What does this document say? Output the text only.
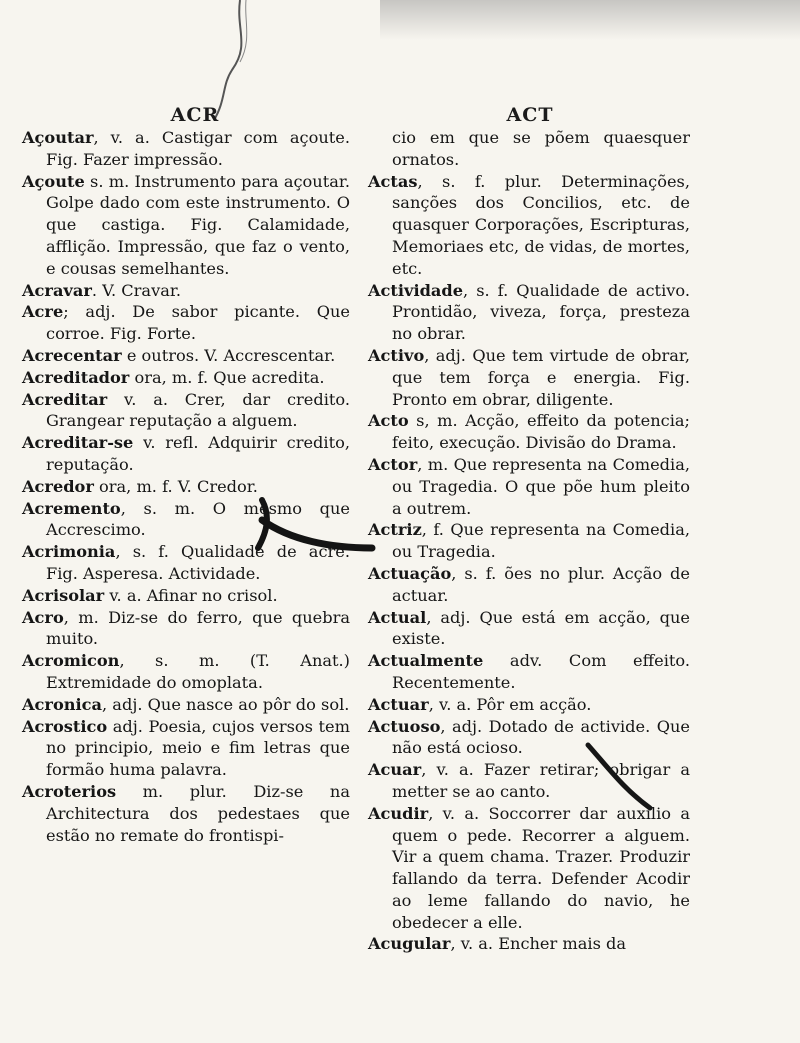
ACR	ACT

Açoutar, v. a. Castigar com açoute. Fig. Fazer impressão.

Açoute s. m. Instrumento para açoutar. Golpe dado com este instrumento. O que castiga. Fig. Calamidade, afflição. Impressão, que faz o vento, e cousas semelhantes.

Acravar. V. Cravar.

Acre; adj. De sabor picante. Que corroe. Fig. Forte.

Acrecentar e outros. V. Accrescentar.

Acreditador ora, m. f. Que acredita.

Acreditar v. a. Crer, dar credito. Grangear reputação a alguem.

Acreditar-se v. refl. Adquirir credito, reputação.

Acredor ora, m. f. V. Credor.

Acremento, s. m. O mesmo que Accrescimo.

Acrimonia, s. f. Qualidade de acre. Fig. Asperesa. Actividade.

Acrisolar v. a. Afinar no crisol.

Acro, m. Diz-se do ferro, que quebra muito.

Acromicon, s. m. (T. Anat.) Extremidade do omoplata.

Acronica, adj. Que nasce ao pôr do sol.

Acrostico adj. Poesia, cujos versos tem no principio, meio e fim letras que formão huma palavra.

Acroterios m. plur. Diz-se na Architectura dos pedestaes que estão no remate do frontispi-

cio em que se põem quaesquer ornatos.

Actas, s. f. plur. Determinações, sanções dos Concilios, etc. de quasquer Corporações, Escripturas, Memoriaes etc, de vidas, de mortes, etc.

Actividade, s. f. Qualidade de activo. Prontidão, viveza, força, presteza no obrar.

Activo, adj. Que tem virtude de obrar, que tem força e energia. Fig. Pronto em obrar, diligente.

Acto s, m. Acção, effeito da potencia; feito, execução. Divisão do Drama.

Actor, m. Que representa na Comedia, ou Tragedia. O que põe hum pleito a outrem.

Actriz, f. Que representa na Comedia, ou Tragedia.

Actuação, s. f. ões no plur. Acção de actuar.

Actual, adj. Que está em acção, que existe.

Actualmente adv. Com effeito. Recentemente.

Actuar, v. a. Pôr em acção.

Actuoso, adj. Dotado de activide. Que não está ocioso.

Acuar, v. a. Fazer retirar; obrigar a metter se ao canto.

Acudir, v. a. Soccorrer dar auxilio a quem o pede. Recorrer a alguem. Vir a quem chama. Trazer. Produzir fallando da terra. Defender Acodir ao leme fallando do navio, he obedecer a elle.

Acugular, v. a. Encher mais da
